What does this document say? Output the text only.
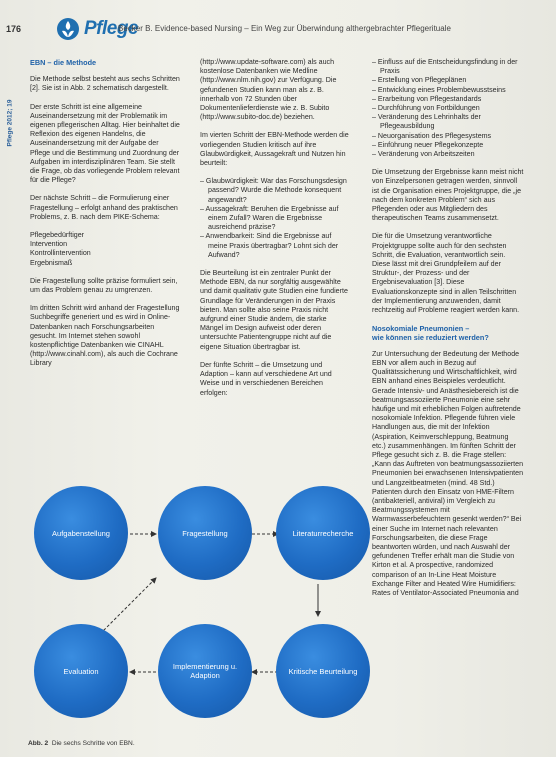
176	Pflege
Becker B. Evidence-based Nursing – Ein Weg zur Überwindung althergebrachter Pflegerituale
Pflege 2012; 19
EBN – die Methode

Die Methode selbst besteht aus sechs Schritten [2]. Sie ist in Abb. 2 schematisch dargestellt.

Der erste Schritt ist eine allgemeine Auseinandersetzung mit der Problematik im eigenen pflegerischen Alltag. Hier beinhaltet die Reflexion des eigenen Handelns, die Auseinandersetzung mit der Aufgabe der Pflege und die Bestimmung und Zuordnung der Aufgaben im interdisziplinären Team. Sie stellt die Frage, ob das vorliegende Problem relevant für die Pflege?

Der nächste Schritt – die Formulierung einer Fragestellung – erfolgt anhand des praktischen Problems, z. B. nach dem PIKE-Schema:

Pflegebedürftiger
Intervention
Kontrollintervention
Ergebnismaß

Die Fragestellung sollte präzise formuliert sein, um das Problem genau zu umgrenzen.

Im dritten Schritt wird anhand der Fragestellung Suchbegriffe generiert und es wird in Online-Datenbanken nach Forschungsarbeiten gesucht. Im Internet stehen sowohl kostenpflichtige Datenbanken wie CINAHL (http://www.cinahl.com), als auch die Cochrane Library

(http://www.update-software.com) als auch kostenlose Datenbanken wie Medline (http://www.nlm.nih.gov) zur Verfügung. Die gefundenen Studien kann man als z. B. innerhalb von 72 Stunden über Dokumentenlieferdienste wie z. B. Subito (http://www.subito-doc.de) beziehen.

Im vierten Schritt der EBN-Methode werden die vorliegenden Studien kritisch auf ihre Glaubwürdigkeit, Aussagekraft und Nutzen hin beurteilt:

– Glaubwürdigkeit: War das Forschungsdesign passend? Wurde die Methode konsequent angewandt?
– Aussagekraft: Beruhen die Ergebnisse auf einem Zufall? Waren die Ergebnisse ausreichend präzise?
– Anwendbarkeit: Sind die Ergebnisse auf meine Praxis übertragbar? Lohnt sich der Aufwand?

Die Beurteilung ist ein zentraler Punkt der Methode EBN, da nur sorgfältig ausgewählte und damit qualitativ gute Studien eine fundierte Grundlage für Veränderungen in der Praxis bieten. Man sollte also seine Praxis nicht aufgrund einer Studie ändern, die starke Mängel im Design aufweist oder deren untersuchte Patientengruppe nicht auf die eigene Situation übertragbar ist.

Der fünfte Schritt – die Umsetzung und Adaption – kann auf verschiedene Art und Weise und in verschiedenen Bereichen erfolgen:

– Einfluss auf die Entscheidungsfindung in der Praxis
– Erstellung von Pflegeplänen
– Entwicklung eines Problembewusstseins
– Erarbeitung von Pflegestandards
– Durchführung von Fortbildungen
– Veränderung des Lehrinhalts der Pflegeausbildung
– Neuorganisation des Pflegesystems
– Einführung neuer Pflegekonzepte
– Veränderung von Arbeitszeiten

Die Umsetzung der Ergebnisse kann meist nicht von Einzelpersonen getragen werden, sinnvoll ist die Organisation eines Projektgruppe, die „je nach dem konkreten Problem“ sich aus Pflegenden oder aus Mitgliedern des therapeutischen Teams zusammensetzt.

Die für die Umsetzung verantwortliche Projektgruppe sollte auch für den sechsten Schritt, die Evaluation, verantwortlich sein. Diese lässt mit drei Grundpfeilern auf der Struktur-, der Prozess- und der Ergebnisevaluation [3]. Diese Evaluationskonzepte sind in allen Teilschritten der Implementierung anzuwenden, damit rechtzeitig auf Probleme reagiert werden kann.

Nosokomiale Pneumonien –
wie können sie reduziert werden?

Zur Untersuchung der Bedeutung der Methode EBN vor allem auch in Bezug auf Qualitätssicherung und Wirtschaftlichkeit, wird EBN anhand eines Beispieles verdeutlicht. Gerade Intensiv- und Anästhesiebereich ist die beatmungsassoziierte Pneumonie eine sehr häufige und mit erheblichen Folgen auftretende nosokomiale Infektion. Pflegende führen viele Handlungen aus, die mit der Infektion (Aspiration, Keimverschleppung, Beatmung etc.) zusammenhängen. Im fünften Schritt der Pflege gesucht sich z. B. die Frage stellen: „Kann das Auftreten von beatmungsassoziierten Pneumonien bei erwachsenen Intensivpatienten und Langzeitbeatmeten (mind. 48 Std.) Patienten durch den Einsatz von HME-Filtern (antibakteriell, antiviral) im Vergleich zu Beatmungssystemen mit Warmwasserbefeuchtern gesenkt werden?“ Bei einer Suche im Internet nach relevanten Forschungsarbeiten, die diese Frage beantworten würden, und nach Auswahl der gefundenen Treffer erhält man die Studie von Kirton et al. A prospective, randomized comparison of an In-Line Heat Moisture Exchange Filter and Heated Wire Humidifiers: Rates of Ventilator-Associated Pneumonia and

Aufgabenstellung	Fragestellung	Literaturrecherche
Evaluation	Implementierung u. Adaption	Kritische Beurteilung
Abb. 2 Die sechs Schritte von EBN.
